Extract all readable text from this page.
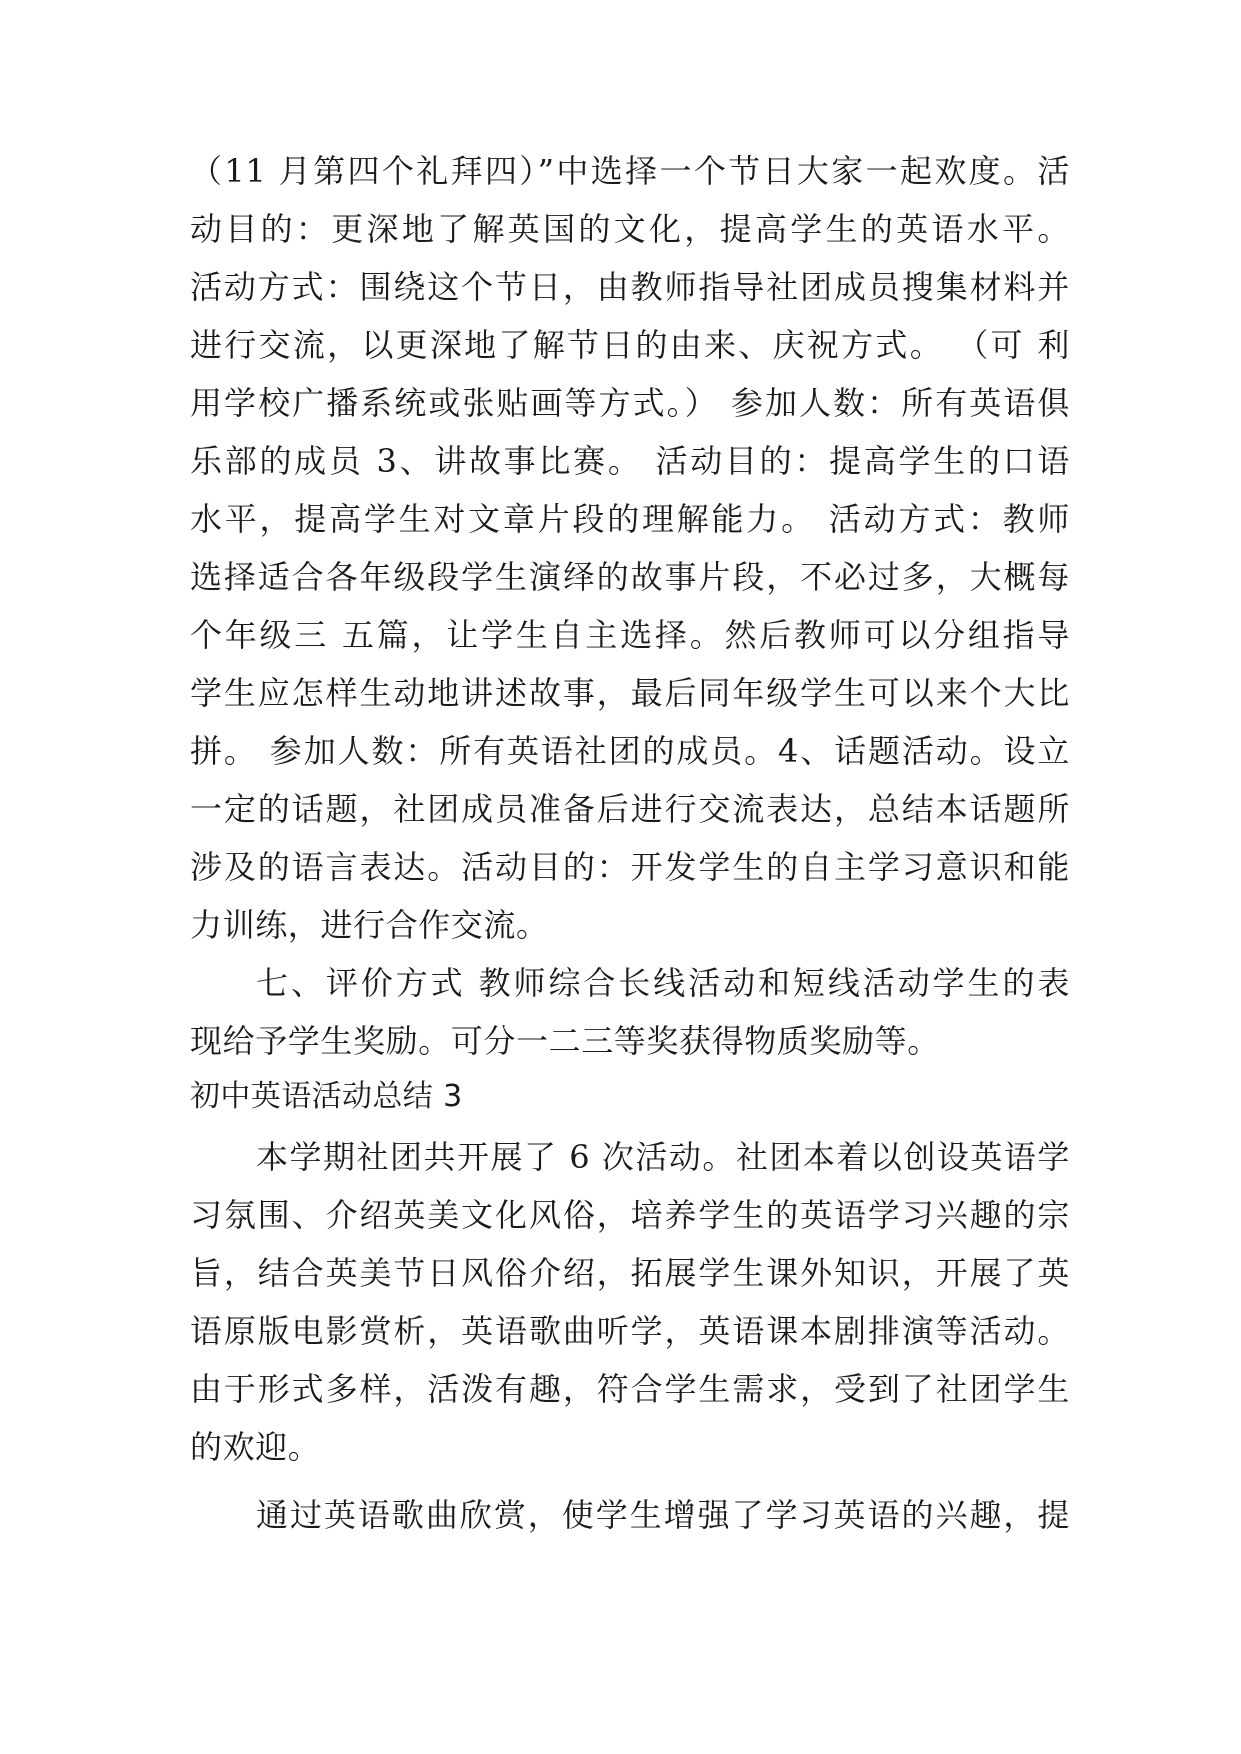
（11 月第四个礼拜四）”中选择一个节日大家一起欢度。活
动目的：更深地了解英国的文化，提高学生的英语水平。
活动方式：围绕这个节日，由教师指导社团成员搜集材料并
进行交流，以更深地了解节日的由来、庆祝方式。 （可 利
用学校广播系统或张贴画等方式。） 参加人数：所有英语俱
乐部的成员 3、讲故事比赛。 活动目的：提高学生的口语
水平，提高学生对文章片段的理解能力。 活动方式：教师
选择适合各年级段学生演绎的故事片段，不必过多，大概每
个年级三 五篇，让学生自主选择。然后教师可以分组指导
学生应怎样生动地讲述故事，最后同年级学生可以来个大比
拼。 参加人数：所有英语社团的成员。4、话题活动。设立
一定的话题，社团成员准备后进行交流表达，总结本话题所
涉及的语言表达。活动目的：开发学生的自主学习意识和能
力训练，进行合作交流。
七、评价方式 教师综合长线活动和短线活动学生的表
现给予学生奖励。可分一二三等奖获得物质奖励等。
初中英语活动总结 3
本学期社团共开展了 6 次活动。社团本着以创设英语学
习氛围、介绍英美文化风俗，培养学生的英语学习兴趣的宗
旨，结合英美节日风俗介绍，拓展学生课外知识，开展了英
语原版电影赏析，英语歌曲听学，英语课本剧排演等活动。
由于形式多样，活泼有趣，符合学生需求，受到了社团学生
的欢迎。
通过英语歌曲欣赏，使学生增强了学习英语的兴趣，提
